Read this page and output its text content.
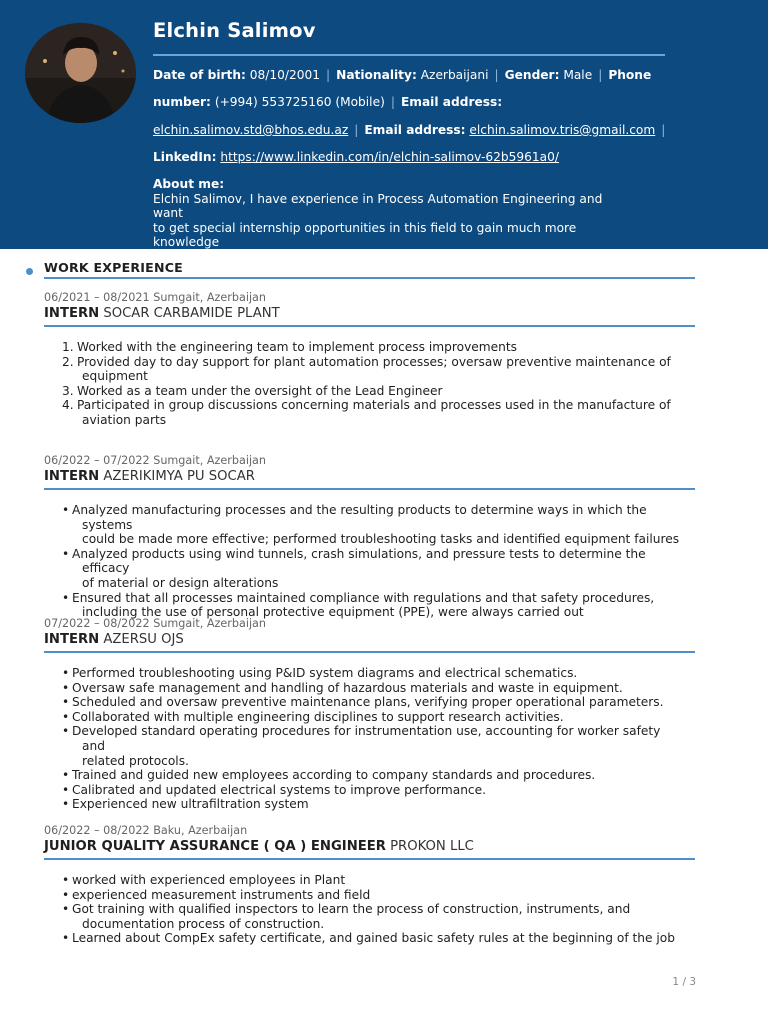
Elchin Salimov
Date of birth: 08/10/2001 | Nationality: Azerbaijani | Gender: Male | Phone
number: (+994) 553725160 (Mobile) | Email address:
elchin.salimov.std@bhos.edu.az | Email address: elchin.salimov.tris@gmail.com |
LinkedIn: https://www.linkedin.com/in/elchin-salimov-62b5961a0/
About me:
Elchin Salimov, I have experience in Process Automation Engineering and want
to get special internship opportunities in this field to gain much more
knowledge
WORK EXPERIENCE
06/2021 – 08/2021 Sumgait, Azerbaijan
INTERN SOCAR CARBAMIDE PLANT
1. Worked with the engineering team to implement process improvements
2. Provided day to day support for plant automation processes; oversaw preventive maintenance of
equipment
3. Worked as a team under the oversight of the Lead Engineer
4. Participated in group discussions concerning materials and processes used in the manufacture of
aviation parts
06/2022 – 07/2022 Sumgait, Azerbaijan
INTERN AZERIKIMYA PU SOCAR
• Analyzed manufacturing processes and the resulting products to determine ways in which the systems
could be made more effective; performed troubleshooting tasks and identified equipment failures
• Analyzed products using wind tunnels, crash simulations, and pressure tests to determine the efficacy
of material or design alterations
• Ensured that all processes maintained compliance with regulations and that safety procedures,
including the use of personal protective equipment (PPE), were always carried out
07/2022 – 08/2022 Sumgait, Azerbaijan
INTERN AZERSU OJS
• Performed troubleshooting using P&ID system diagrams and electrical schematics.
• Oversaw safe management and handling of hazardous materials and waste in equipment.
• Scheduled and oversaw preventive maintenance plans, verifying proper operational parameters.
• Collaborated with multiple engineering disciplines to support research activities.
• Developed standard operating procedures for instrumentation use, accounting for worker safety and
related protocols.
• Trained and guided new employees according to company standards and procedures.
• Calibrated and updated electrical systems to improve performance.
• Experienced new ultrafiltration system
06/2022 – 08/2022 Baku, Azerbaijan
JUNIOR QUALITY ASSURANCE ( QA ) ENGINEER PROKON LLC
• worked with experienced employees in Plant
• experienced measurement instruments and field
• Got training with qualified inspectors to learn the process of construction, instruments, and
documentation process of construction.
• Learned about CompEx safety certificate, and gained basic safety rules at the beginning of the job
1 / 3
